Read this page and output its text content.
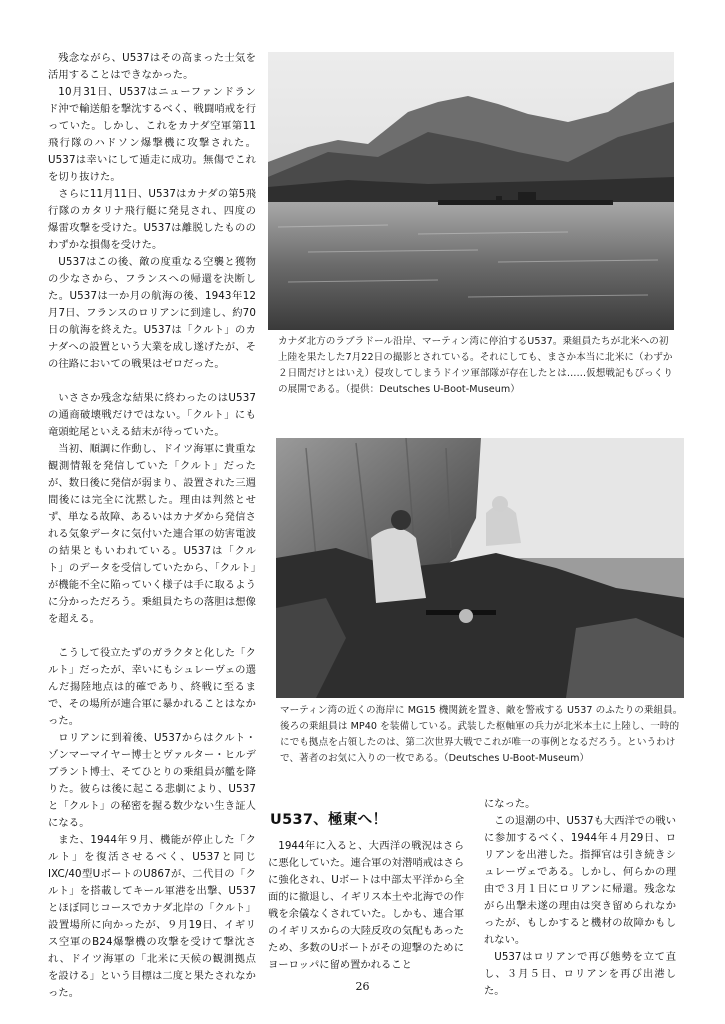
残念ながら、U537はその高まった士気を活用することはできなかった。

10月31日、U537はニューファンドランド沖で輸送船を撃沈するべく、戦闘哨戒を行っていた。しかし、これをカナダ空軍第11飛行隊のハドソン爆撃機に攻撃された。U537は幸いにして遁走に成功。無傷でこれを切り抜けた。

さらに11月11日、U537はカナダの第5飛行隊のカタリナ飛行艇に発見され、四度の爆雷攻撃を受けた。U537は離脱したもののわずかな損傷を受けた。

U537はこの後、敵の度重なる空襲と獲物の少なさから、フランスへの帰還を決断した。U537は一か月の航海の後、1943年12月7日、フランスのロリアンに到達し、約70日の航海を終えた。U537は「クルト」のカナダへの設置という大業を成し遂げたが、その往路においての戦果はゼロだった。

いささか残念な結果に終わったのはU537の通商破壊戦だけではない。「クルト」にも竜頭蛇尾といえる結末が待っていた。

当初、順調に作動し、ドイツ海軍に貴重な観測情報を発信していた「クルト」だったが、数日後に発信が弱まり、設置された三週間後には完全に沈黙した。理由は判然とせず、単なる故障、あるいはカナダから発信される気象データに気付いた連合軍の妨害電波の結果ともいわれている。U537は「クルト」のデータを受信していたから、「クルト」が機能不全に陥っていく様子は手に取るように分かっただろう。乗組員たちの落胆は想像を超える。

こうして役立たずのガラクタと化した「クルト」だったが、幸いにもシュレーヴェの選んだ揚陸地点は的確であり、終戦に至るまで、その場所が連合軍に暴かれることはなかった。

ロリアンに到着後、U537からはクルト・ゾンマーマイヤー博士とヴァルター・ヒルデブラント博士、そてひとりの乗組員が艦を降りた。彼らは後に起こる悲劇により、U537と「クルト」の秘密を握る数少ない生き証人になる。

また、1944年９月、機能が停止した「クルト」を復活させるべく、U537と同じIXC/40型UボートのU867が、二代目の「クルト」を搭載してキール軍港を出撃、U537とほぼ同じコースでカナダ北岸の「クルト」設置場所に向かったが、９月19日、イギリス空軍のB24爆撃機の攻撃を受けて撃沈され、ドイツ海軍の「北米に天候の観測拠点を設ける」という目標は二度と果たされなかった。

カナダ北方のラブラドール沿岸、マーティン湾に停泊するU537。乗組員たちが北米への初上陸を果たした7月22日の撮影とされている。それにしても、まさか本当に北米に（わずか２日間だけとはいえ）侵攻してしまうドイツ軍部隊が存在したとは……仮想戦記もびっくりの展開である。（提供：Deutsches U-Boot-Museum）
マーティン湾の近くの海岸に MG15 機関銃を置き、敵を警戒する U537 のふたりの乗組員。後ろの乗組員は MP40 を装備している。武装した枢軸軍の兵力が北米本土に上陸し、一時的にでも拠点を占領したのは、第二次世界大戦でこれが唯一の事例となるだろう。というわけで、著者のお気に入りの一枚である。（Deutsches U-Boot-Museum）
U537、極東へ！

1944年に入ると、大西洋の戦況はさらに悪化していた。連合軍の対潜哨戒はさらに強化され、Uボートは中部太平洋から全面的に撤退し、イギリス本土や北海での作戦を余儀なくされていた。しかも、連合軍のイギリスからの大陸反攻の気配もあったため、多数のUボートがその迎撃のためにヨーロッパに留め置かれること

になった。

この退潮の中、U537も大西洋での戦いに参加するべく、1944年４月29日、ロリアンを出港した。指揮官は引き続きシュレーヴェである。しかし、何らかの理由で３月１日にロリアンに帰還。残念ながら出撃未遂の理由は突き留められなかったが、もしかすると機材の故障かもしれない。

U537はロリアンで再び態勢を立て直し、３月５日、ロリアンを再び出港した。

26
